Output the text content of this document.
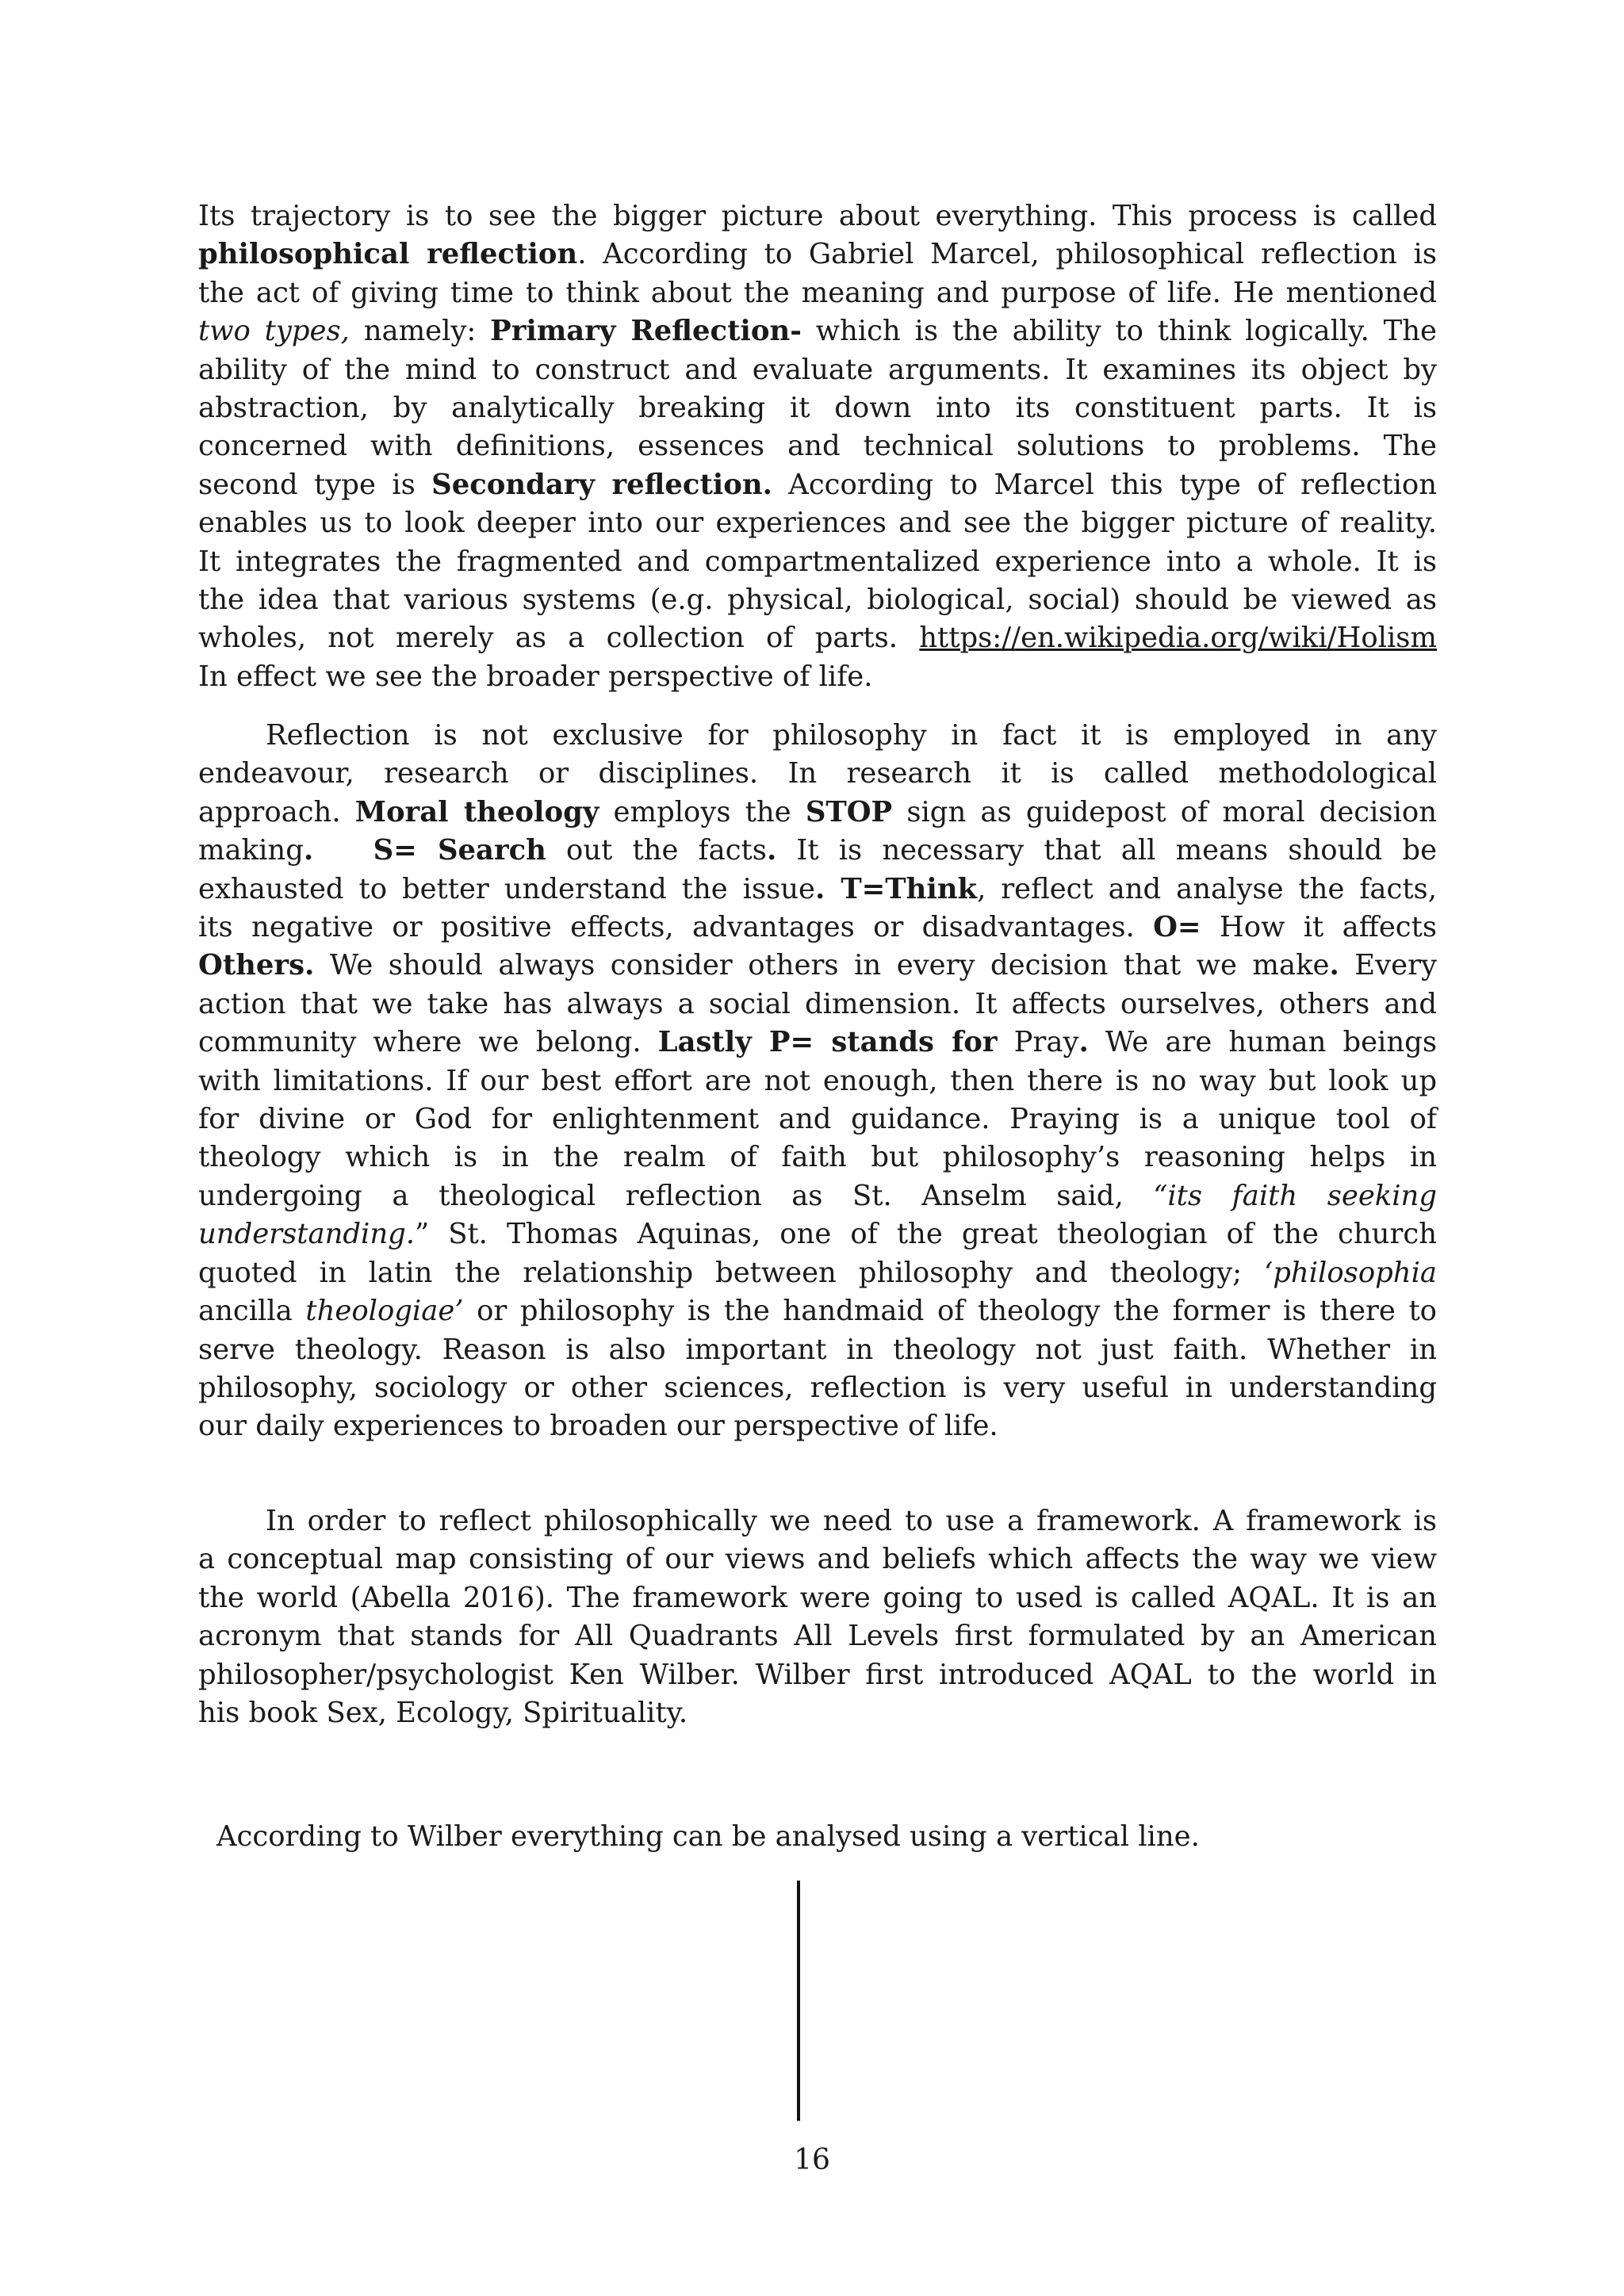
Its trajectory is to see the bigger picture about everything. This process is called
philosophical reflection. According to Gabriel Marcel, philosophical reflection is
the act of giving time to think about the meaning and purpose of life. He mentioned
two types, namely: Primary Reflection- which is the ability to think logically. The
ability of the mind to construct and evaluate arguments. It examines its object by
abstraction, by analytically breaking it down into its constituent parts. It is
concerned with definitions, essences and technical solutions to problems. The
second type is Secondary reflection. According to Marcel this type of reflection
enables us to look deeper into our experiences and see the bigger picture of reality.
It integrates the fragmented and compartmentalized experience into a whole. It is
the idea that various systems (e.g. physical, biological, social) should be viewed as
wholes, not merely as a collection of parts. https://en.wikipedia.org/wiki/Holism
In effect we see the broader perspective of life.
Reflection is not exclusive for philosophy in fact it is employed in any
endeavour, research or disciplines. In research it is called methodological
approach. Moral theology employs the STOP sign as guidepost of moral decision
making. S= Search out the facts. It is necessary that all means should be
exhausted to better understand the issue. T=Think, reflect and analyse the facts,
its negative or positive effects, advantages or disadvantages. O= How it affects
Others. We should always consider others in every decision that we make. Every
action that we take has always a social dimension. It affects ourselves, others and
community where we belong. Lastly P= stands for Pray. We are human beings
with limitations. If our best effort are not enough, then there is no way but look up
for divine or God for enlightenment and guidance. Praying is a unique tool of
theology which is in the realm of faith but philosophy’s reasoning helps in
undergoing a theological reflection as St. Anselm said, “its faith seeking
understanding.” St. Thomas Aquinas, one of the great theologian of the church
quoted in latin the relationship between philosophy and theology; ‘philosophia
ancilla theologiae’ or philosophy is the handmaid of theology the former is there to
serve theology. Reason is also important in theology not just faith. Whether in
philosophy, sociology or other sciences, reflection is very useful in understanding
our daily experiences to broaden our perspective of life.
In order to reflect philosophically we need to use a framework. A framework is
a conceptual map consisting of our views and beliefs which affects the way we view
the world (Abella 2016). The framework were going to used is called AQAL. It is an
acronym that stands for All Quadrants All Levels first formulated by an American
philosopher/psychologist Ken Wilber. Wilber first introduced AQAL to the world in
his book Sex, Ecology, Spirituality.

According to Wilber everything can be analysed using a vertical line.

16
